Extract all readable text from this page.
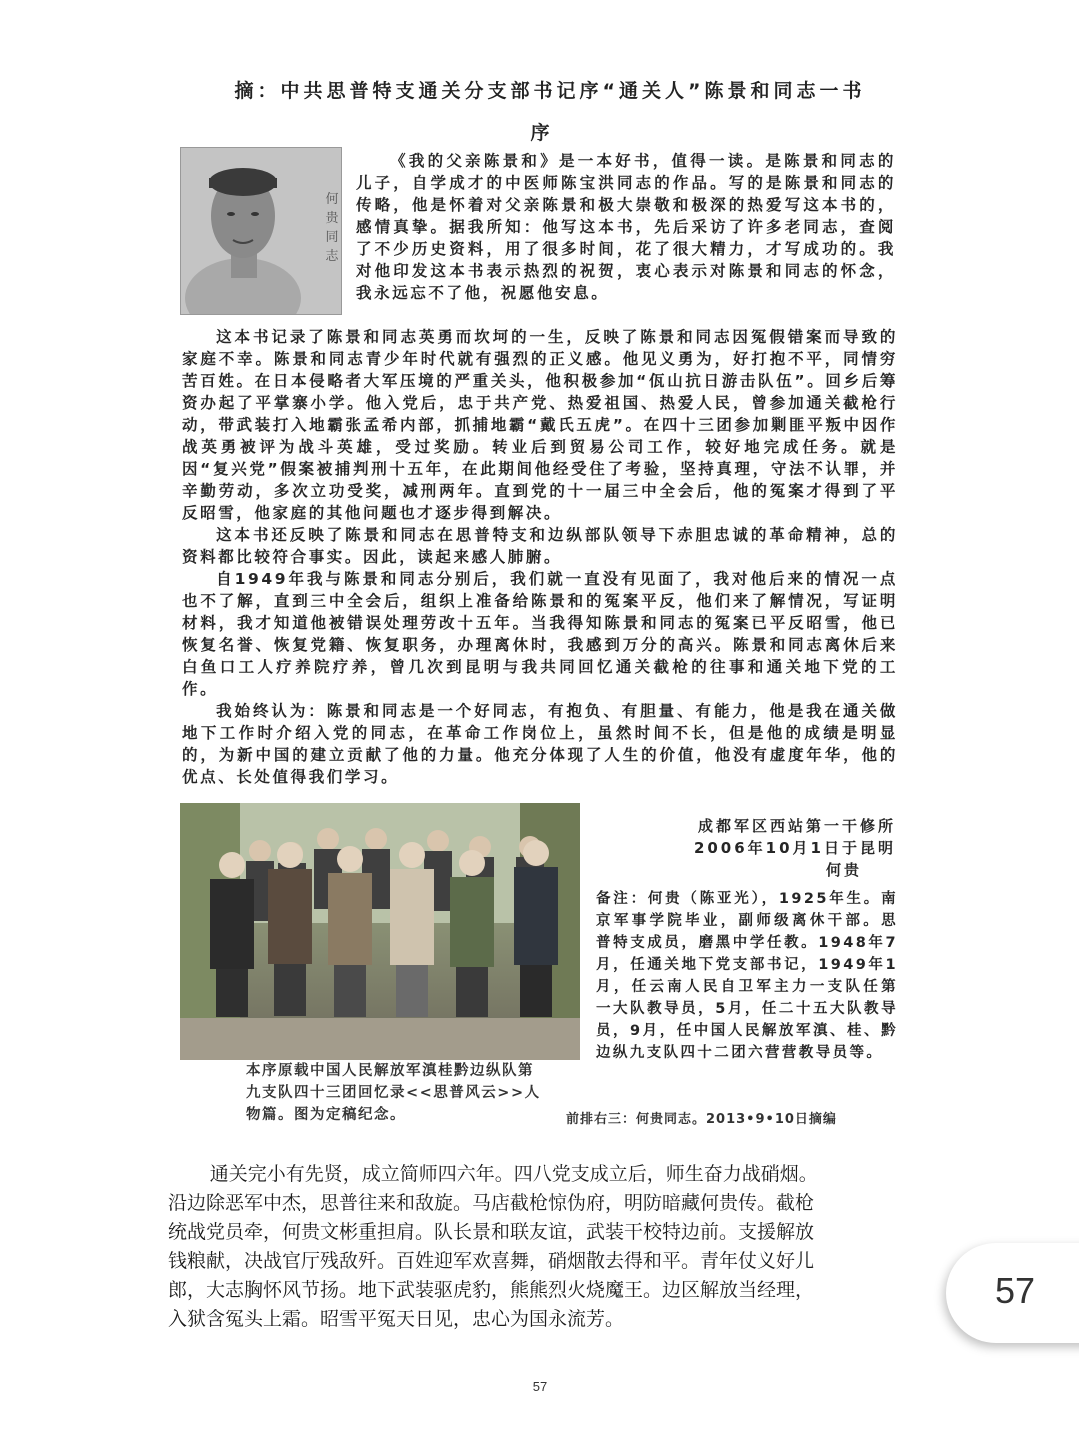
摘：中共思普特支通关分支部书记序“通关人”陈景和同志一书
序
何
贵
同
志

《我的父亲陈景和》是一本好书，值得一读。是陈景和同志的儿子，自学成才的中医师陈宝洪同志的作品。写的是陈景和同志的传略，他是怀着对父亲陈景和极大崇敬和极深的热爱写这本书的，感情真挚。据我所知：他写这本书，先后采访了许多老同志，查阅了不少历史资料，用了很多时间，花了很大精力，才写成功的。我对他印发这本书表示热烈的祝贺，衷心表示对陈景和同志的怀念，我永远忘不了他，祝愿他安息。

这本书记录了陈景和同志英勇而坎坷的一生，反映了陈景和同志因冤假错案而导致的家庭不幸。陈景和同志青少年时代就有强烈的正义感。他见义勇为，好打抱不平，同情穷苦百姓。在日本侵略者大军压境的严重关头，他积极参加“佤山抗日游击队伍”。回乡后筹资办起了平掌寨小学。他入党后，忠于共产党、热爱祖国、热爱人民，曾参加通关截枪行动，带武装打入地霸张孟希内部，抓捕地霸“戴氏五虎”。在四十三团参加剿匪平叛中因作战英勇被评为战斗英雄，受过奖励。转业后到贸易公司工作，较好地完成任务。就是因“复兴党”假案被捕判刑十五年，在此期间他经受住了考验，坚持真理，守法不认罪，并辛勤劳动，多次立功受奖，减刑两年。直到党的十一届三中全会后，他的冤案才得到了平反昭雪，他家庭的其他问题也才逐步得到解决。

这本书还反映了陈景和同志在思普特支和边纵部队领导下赤胆忠诚的革命精神，总的资料都比较符合事实。因此，读起来感人肺腑。

自1949年我与陈景和同志分别后，我们就一直没有见面了，我对他后来的情况一点也不了解，直到三中全会后，组织上准备给陈景和的冤案平反，他们来了解情况，写证明材料，我才知道他被错误处理劳改十五年。当我得知陈景和同志的冤案已平反昭雪，他已恢复名誉、恢复党籍、恢复职务，办理离休时，我感到万分的高兴。陈景和同志离休后来白鱼口工人疗养院疗养，曾几次到昆明与我共同回忆通关截枪的往事和通关地下党的工作。

我始终认为：陈景和同志是一个好同志，有抱负、有胆量、有能力，他是我在通关做地下工作时介绍入党的同志，在革命工作岗位上，虽然时间不长，但是他的成绩是明显的，为新中国的建立贡献了他的力量。他充分体现了人生的价值，他没有虚度年华，他的优点、长处值得我们学习。

本序原载中国人民解放军滇桂黔边纵队第九支队四十三团回忆录<<思普风云>>人物篇。图为定稿纪念。
成都军区西站第一干修所
2006年10月1日于昆明
何贵
备注：何贵（陈亚光），1925年生。南京军事学院毕业，副师级离休干部。思普特支成员，磨黑中学任教。1948年7月，任通关地下党支部书记，1949年1月，任云南人民自卫军主力一支队任第一大队教导员，5月，任二十五大队教导员，9月，任中国人民解放军滇、桂、黔边纵九支队四十二团六营营教导员等。
前排右三：何贵同志。2013•9•10日摘编

通关完小有先贤，成立简师四六年。四八党支成立后，师生奋力战硝烟。

沿边除恶军中杰，思普往来和敌旋。马店截枪惊伪府，明防暗藏何贵传。截枪

统战党员牵，何贵文彬重担肩。队长景和联友谊，武装干校特边前。支援解放

钱粮献，决战官厅残敌歼。百姓迎军欢喜舞，硝烟散去得和平。青年仗义好儿

郎，大志胸怀风节扬。地下武装驱虎豹，熊熊烈火烧魔王。边区解放当经理，

入狱含冤头上霜。昭雪平冤天日见，忠心为国永流芳。

57
57
